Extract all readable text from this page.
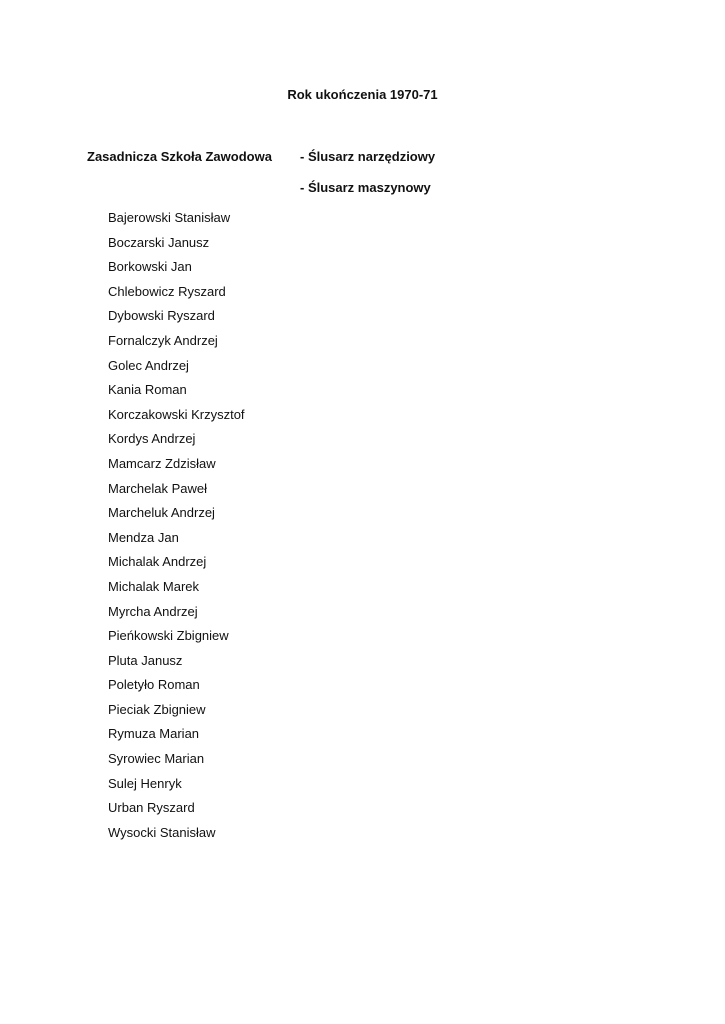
Rok ukończenia 1970-71
Zasadnicza Szkoła Zawodowa - Ślusarz narzędziowy
- Ślusarz maszynowy
Bajerowski Stanisław
Boczarski Janusz
Borkowski Jan
Chlebowicz Ryszard
Dybowski Ryszard
Fornalczyk Andrzej
Golec Andrzej
Kania Roman
Korczakowski Krzysztof
Kordys Andrzej
Mamcarz Zdzisław
Marchelak Paweł
Marcheluk Andrzej
Mendza Jan
Michalak Andrzej
Michalak Marek
Myrcha Andrzej
Pieńkowski Zbigniew
Pluta Janusz
Poletyło Roman
Pieciak Zbigniew
Rymuza Marian
Syrowiec Marian
Sulej Henryk
Urban Ryszard
Wysocki Stanisław
